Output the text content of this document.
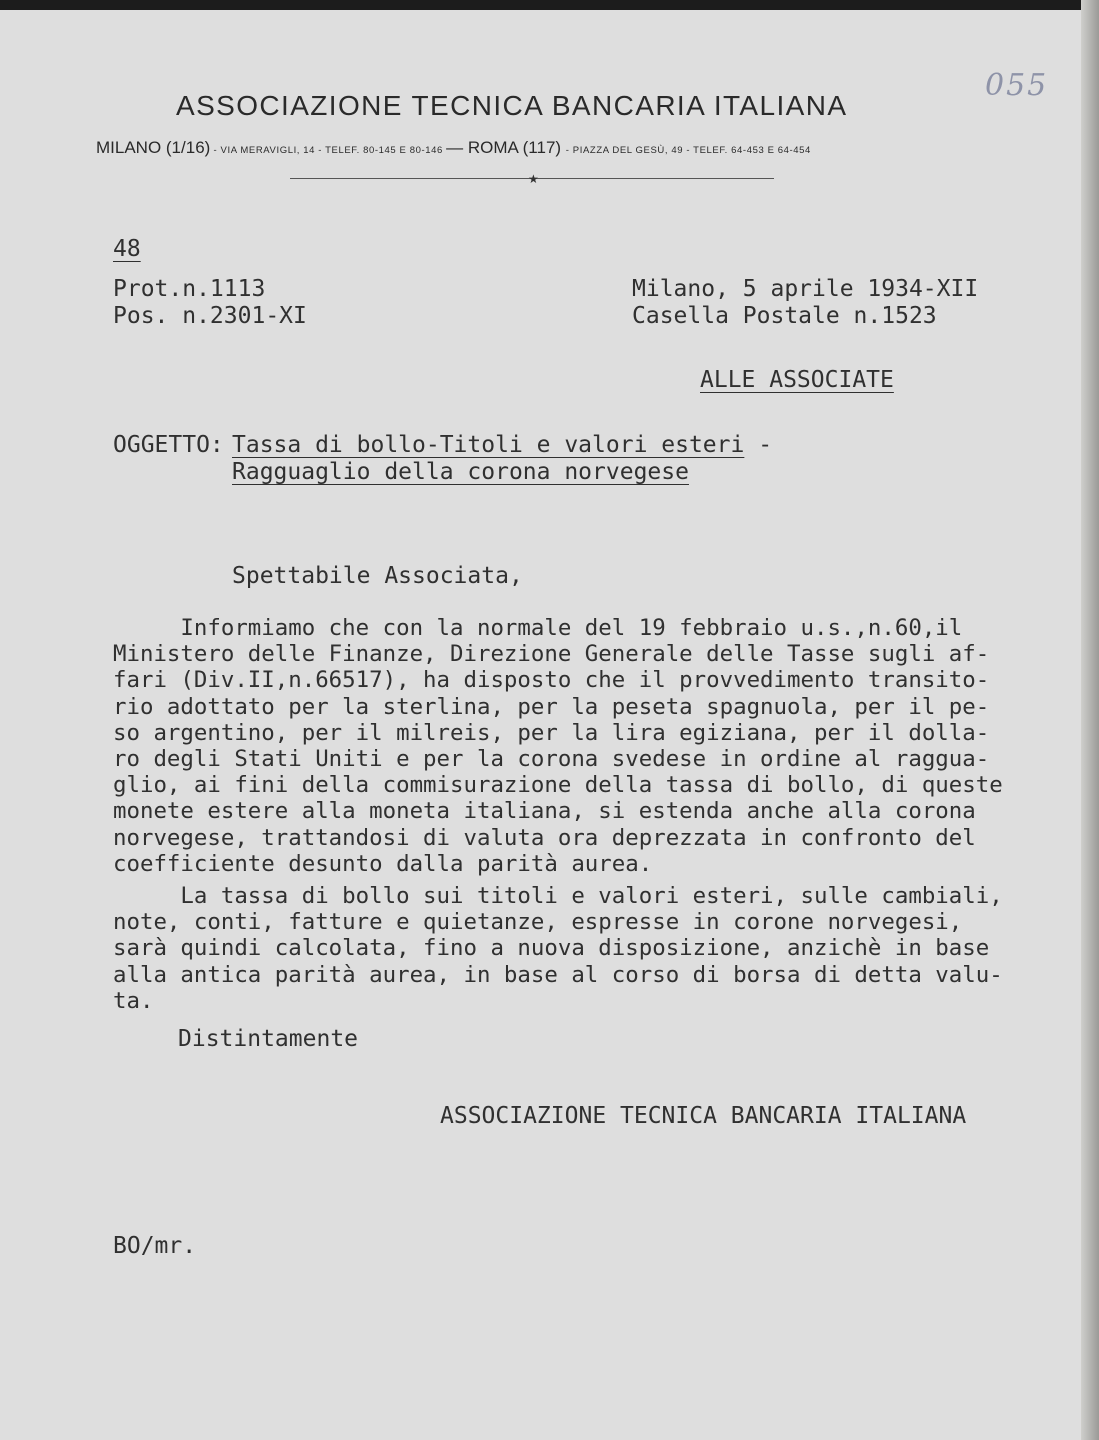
055
ASSOCIAZIONE TECNICA BANCARIA ITALIANA
MILANO (1/16) - VIA MERAVIGLI, 14 - TELEF. 80-145 E 80-146 — ROMA (117) - PIAZZA DEL GESÙ, 49 - TELEF. 64-453 E 64-454
★
48
Prot.n.1113
Pos. n.2301-XI
Milano, 5 aprile 1934-XII
Casella Postale n.1523
ALLE ASSOCIATE
OGGETTO: Tassa di bollo-Titoli e valori esteri -
Ragguaglio della corona norvegese
Spettabile Associata,
Informiamo che con la normale del 19 febbraio u.s.,n.60,il
Ministero delle Finanze, Direzione Generale delle Tasse sugli af-
fari (Div.II,n.66517), ha disposto che il provvedimento transito-
rio adottato per la sterlina, per la peseta spagnuola, per il pe-
so argentino, per il milreis, per la lira egiziana, per il dolla-
ro degli Stati Uniti e per la corona svedese in ordine al raggua-
glio, ai fini della commisurazione della tassa di bollo, di queste
monete estere alla moneta italiana, si estenda anche alla corona
norvegese, trattandosi di valuta ora deprezzata in confronto del
coefficiente desunto dalla parità aurea.
La tassa di bollo sui titoli e valori esteri, sulle cambiali,
note, conti, fatture e quietanze, espresse in corone norvegesi,
sarà quindi calcolata, fino a nuova disposizione, anzichè in base
alla antica parità aurea, in base al corso di borsa di detta valu-
ta.
Distintamente
ASSOCIAZIONE TECNICA BANCARIA ITALIANA
BO/mr.
